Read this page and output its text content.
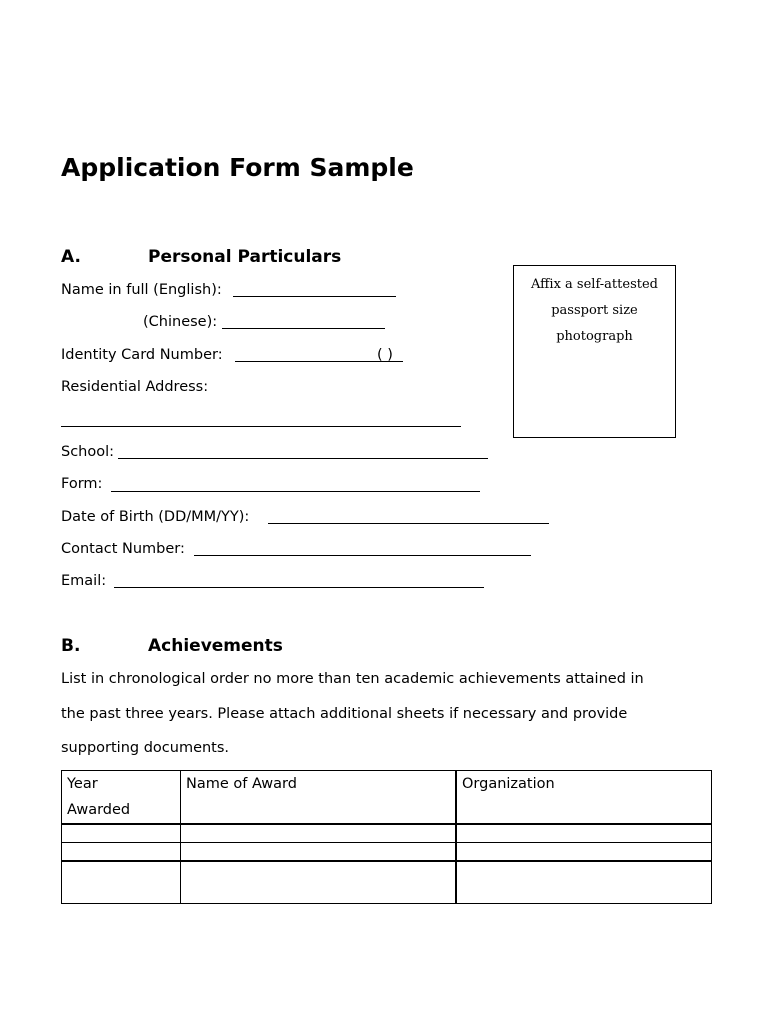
Application Form Sample
A.	Personal Particulars
Name in full (English):
(Chinese):
Identity Card Number:	( )
Residential Address:
Affix a self-attested
passport size
photograph
School:
Form:
Date of Birth (DD/MM/YY):
Contact Number:
Email:
B.	Achievements
List in chronological order no more than ten academic achievements attained in
the past three years. Please attach additional sheets if necessary and provide
supporting documents.
Year
Awarded	Name of Award	Organization
